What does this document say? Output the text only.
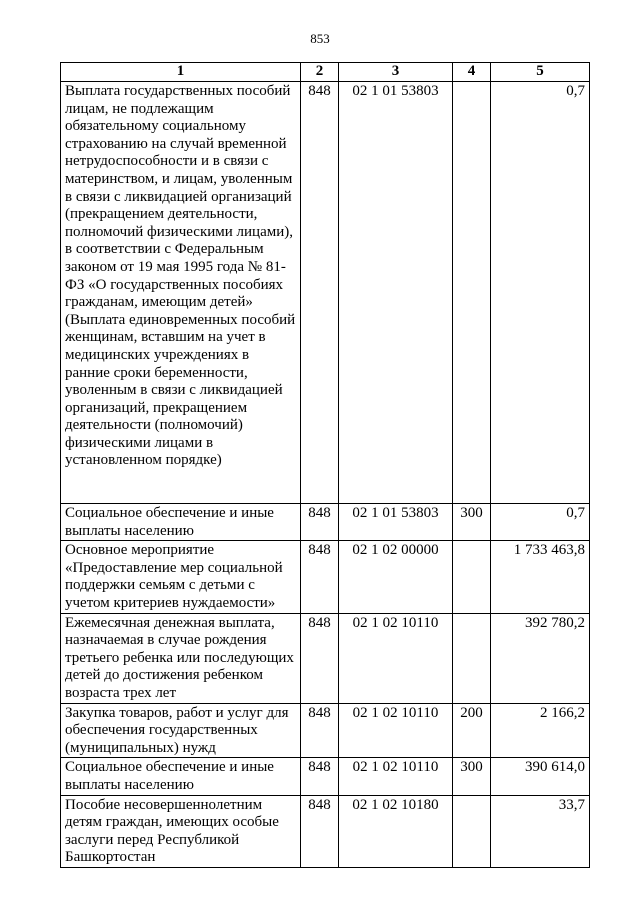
853
1	2	3	4	5
Выплата государственных пособий лицам, не подлежащим обязательному социальному страхованию на случай временной нетрудоспособности и в связи с материнством, и лицам, уволенным в связи с ликвидацией организаций (прекращением деятельности, полномочий физическими лицами), в соответствии с Федеральным законом от 19 мая 1995 года № 81-ФЗ «О государственных пособиях гражданам, имеющим детей» (Выплата единовременных пособий женщинам, вставшим на учет в медицинских учреждениях в ранние сроки беременности, уволенным в связи с ликвидацией организаций, прекращением деятельности (полномочий) физическими лицами в установленном порядке)	848	02 1 01 53803		0,7
Социальное обеспечение и иные выплаты населению	848	02 1 01 53803	300	0,7
Основное мероприятие «Предоставление мер социальной поддержки семьям с детьми с учетом критериев нуждаемости»	848	02 1 02 00000		1 733 463,8
Ежемесячная денежная выплата, назначаемая в случае рождения третьего ребенка или последующих детей до достижения ребенком возраста трех лет	848	02 1 02 10110		392 780,2
Закупка товаров, работ и услуг для обеспечения государственных (муниципальных) нужд	848	02 1 02 10110	200	2 166,2
Социальное обеспечение и иные выплаты населению	848	02 1 02 10110	300	390 614,0
Пособие несовершеннолетним детям граждан, имеющих особые заслуги перед Республикой Башкортостан	848	02 1 02 10180		33,7
